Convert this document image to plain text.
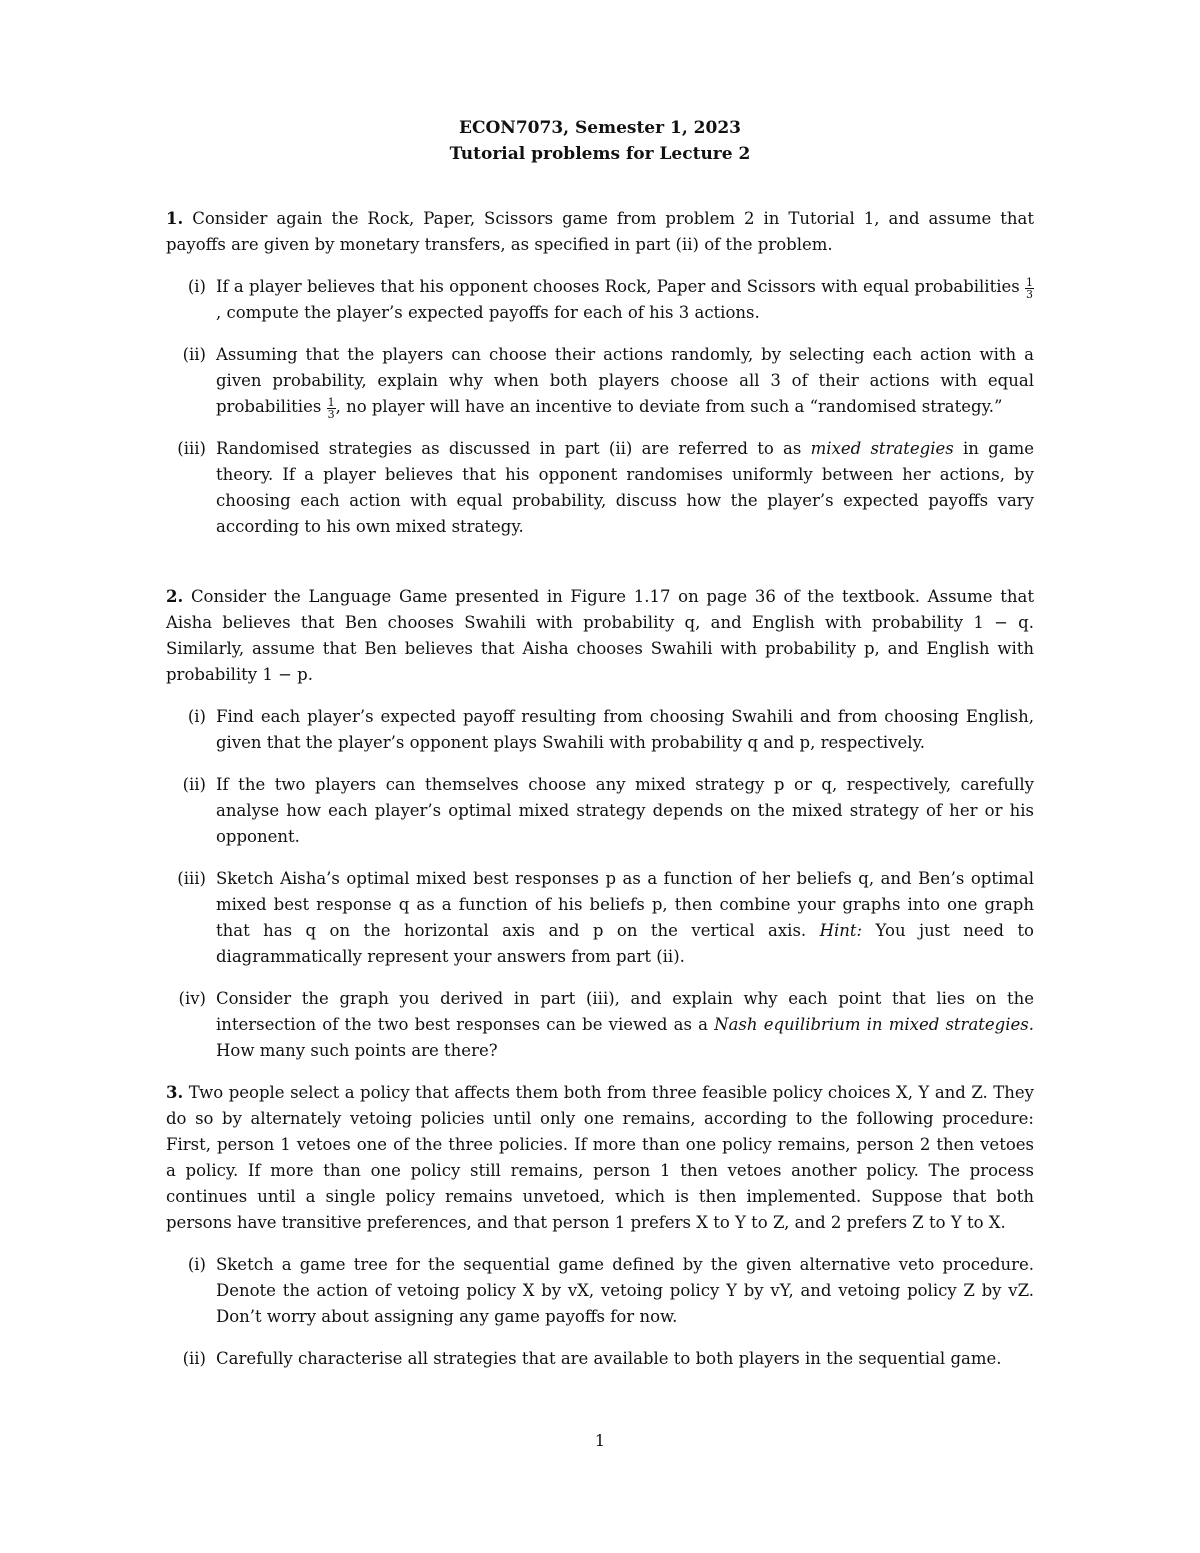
ECON7073, Semester 1, 2023
Tutorial problems for Lecture 2

1. Consider again the Rock, Paper, Scissors game from problem 2 in Tutorial 1, and assume that payoffs are given by monetary transfers, as specified in part (ii) of the problem.

(i) If a player believes that his opponent chooses Rock, Paper and Scissors with equal probabilities $\frac{1}{3}$
, compute the player’s expected payoffs for each of his 3 actions.
(ii) Assuming that the players can choose their actions randomly, by selecting each action with a given probability, explain why when both players choose all 3 of their actions with equal probabilities $\frac{1}{3}$ , no player will have an incentive to deviate from such a “randomised strategy.”
(iii) Randomised strategies as discussed in part (ii) are referred to as mixed strategies in game theory. If a player believes that his opponent randomises uniformly between her actions, by choosing each action with equal probability, discuss how the player’s expected payoffs vary according to his own mixed strategy.

2. Consider the Language Game presented in Figure 1.17 on page 36 of the textbook. Assume that Aisha believes that Ben chooses Swahili with probability q, and English with probability 1 − q. Similarly, assume that Ben believes that Aisha chooses Swahili with probability p, and English with probability 1 − p.

(i) Find each player’s expected payoff resulting from choosing Swahili and from choosing English, given that the player’s opponent plays Swahili with probability q and p, respectively.
(ii) If the two players can themselves choose any mixed strategy p or q, respectively, carefully analyse how each player’s optimal mixed strategy depends on the mixed strategy of her or his opponent.
(iii) Sketch Aisha’s optimal mixed best responses p as a function of her beliefs q, and Ben’s optimal mixed best response q as a function of his beliefs p, then combine your graphs into one graph that has q on the horizontal axis and p on the vertical axis. Hint: You just need to diagrammatically represent your answers from part (ii).
(iv) Consider the graph you derived in part (iii), and explain why each point that lies on the intersection of the two best responses can be viewed as a Nash equilibrium in mixed strategies. How many such points are there?

3. Two people select a policy that affects them both from three feasible policy choices X, Y and Z. They do so by alternately vetoing policies until only one remains, according to the following procedure: First, person 1 vetoes one of the three policies. If more than one policy remains, person 2 then vetoes a policy. If more than one policy still remains, person 1 then vetoes another policy. The process continues until a single policy remains unvetoed, which is then implemented. Suppose that both persons have transitive preferences, and that person 1 prefers X to Y to Z, and 2 prefers Z to Y to X.

(i) Sketch a game tree for the sequential game defined by the given alternative veto procedure. Denote the action of vetoing policy X by vX, vetoing policy Y by vY, and vetoing policy Z by vZ. Don’t worry about assigning any game payoffs for now.
(ii) Carefully characterise all strategies that are available to both players in the sequential game.
1
